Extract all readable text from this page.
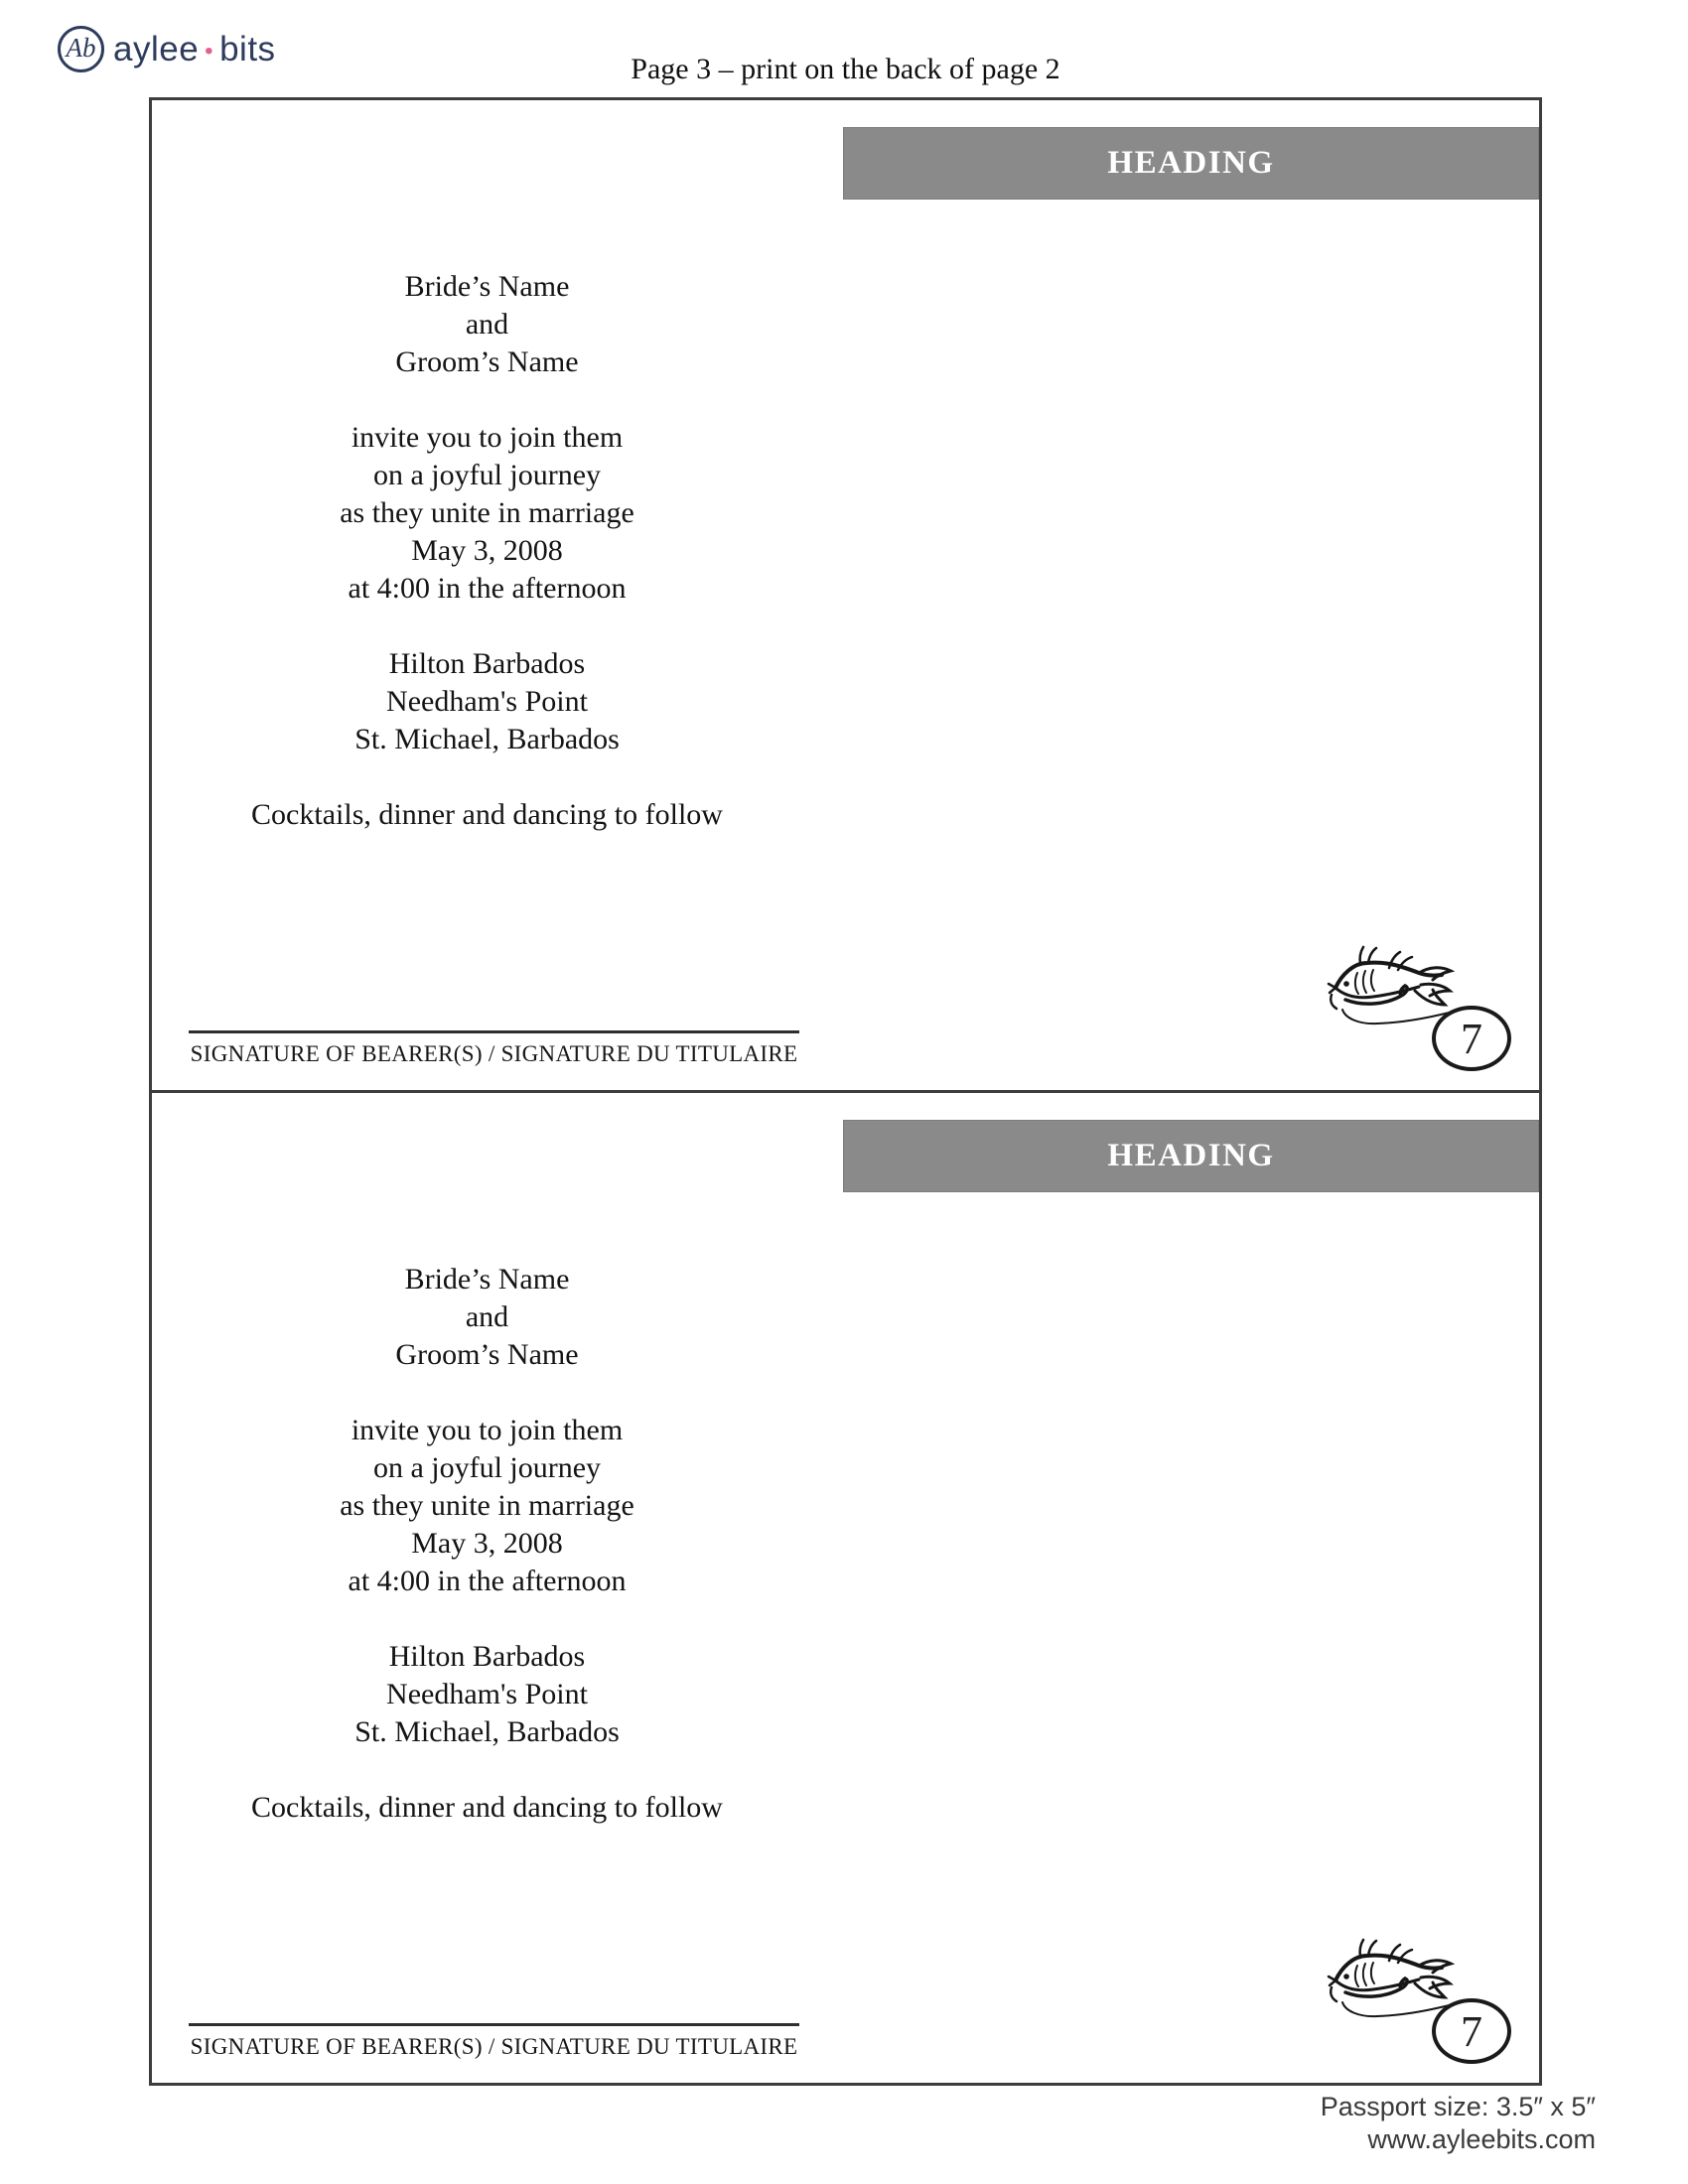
Ab aylee • bits
Page 3 – print on the back of page 2
HEADING
Bride’s Name
and
Groom’s Name

invite you to join them
on a joyful journey
as they unite in marriage
May 3, 2008
at 4:00 in the afternoon

Hilton Barbados
Needham's Point
St. Michael, Barbados

Cocktails, dinner and dancing to follow
SIGNATURE OF BEARER(S) / SIGNATURE DU TITULAIRE	7
HEADING
Bride’s Name
and
Groom’s Name

invite you to join them
on a joyful journey
as they unite in marriage
May 3, 2008
at 4:00 in the afternoon

Hilton Barbados
Needham's Point
St. Michael, Barbados

Cocktails, dinner and dancing to follow
SIGNATURE OF BEARER(S) / SIGNATURE DU TITULAIRE	7
Passport size: 3.5″ x 5″
www.ayleebits.com
